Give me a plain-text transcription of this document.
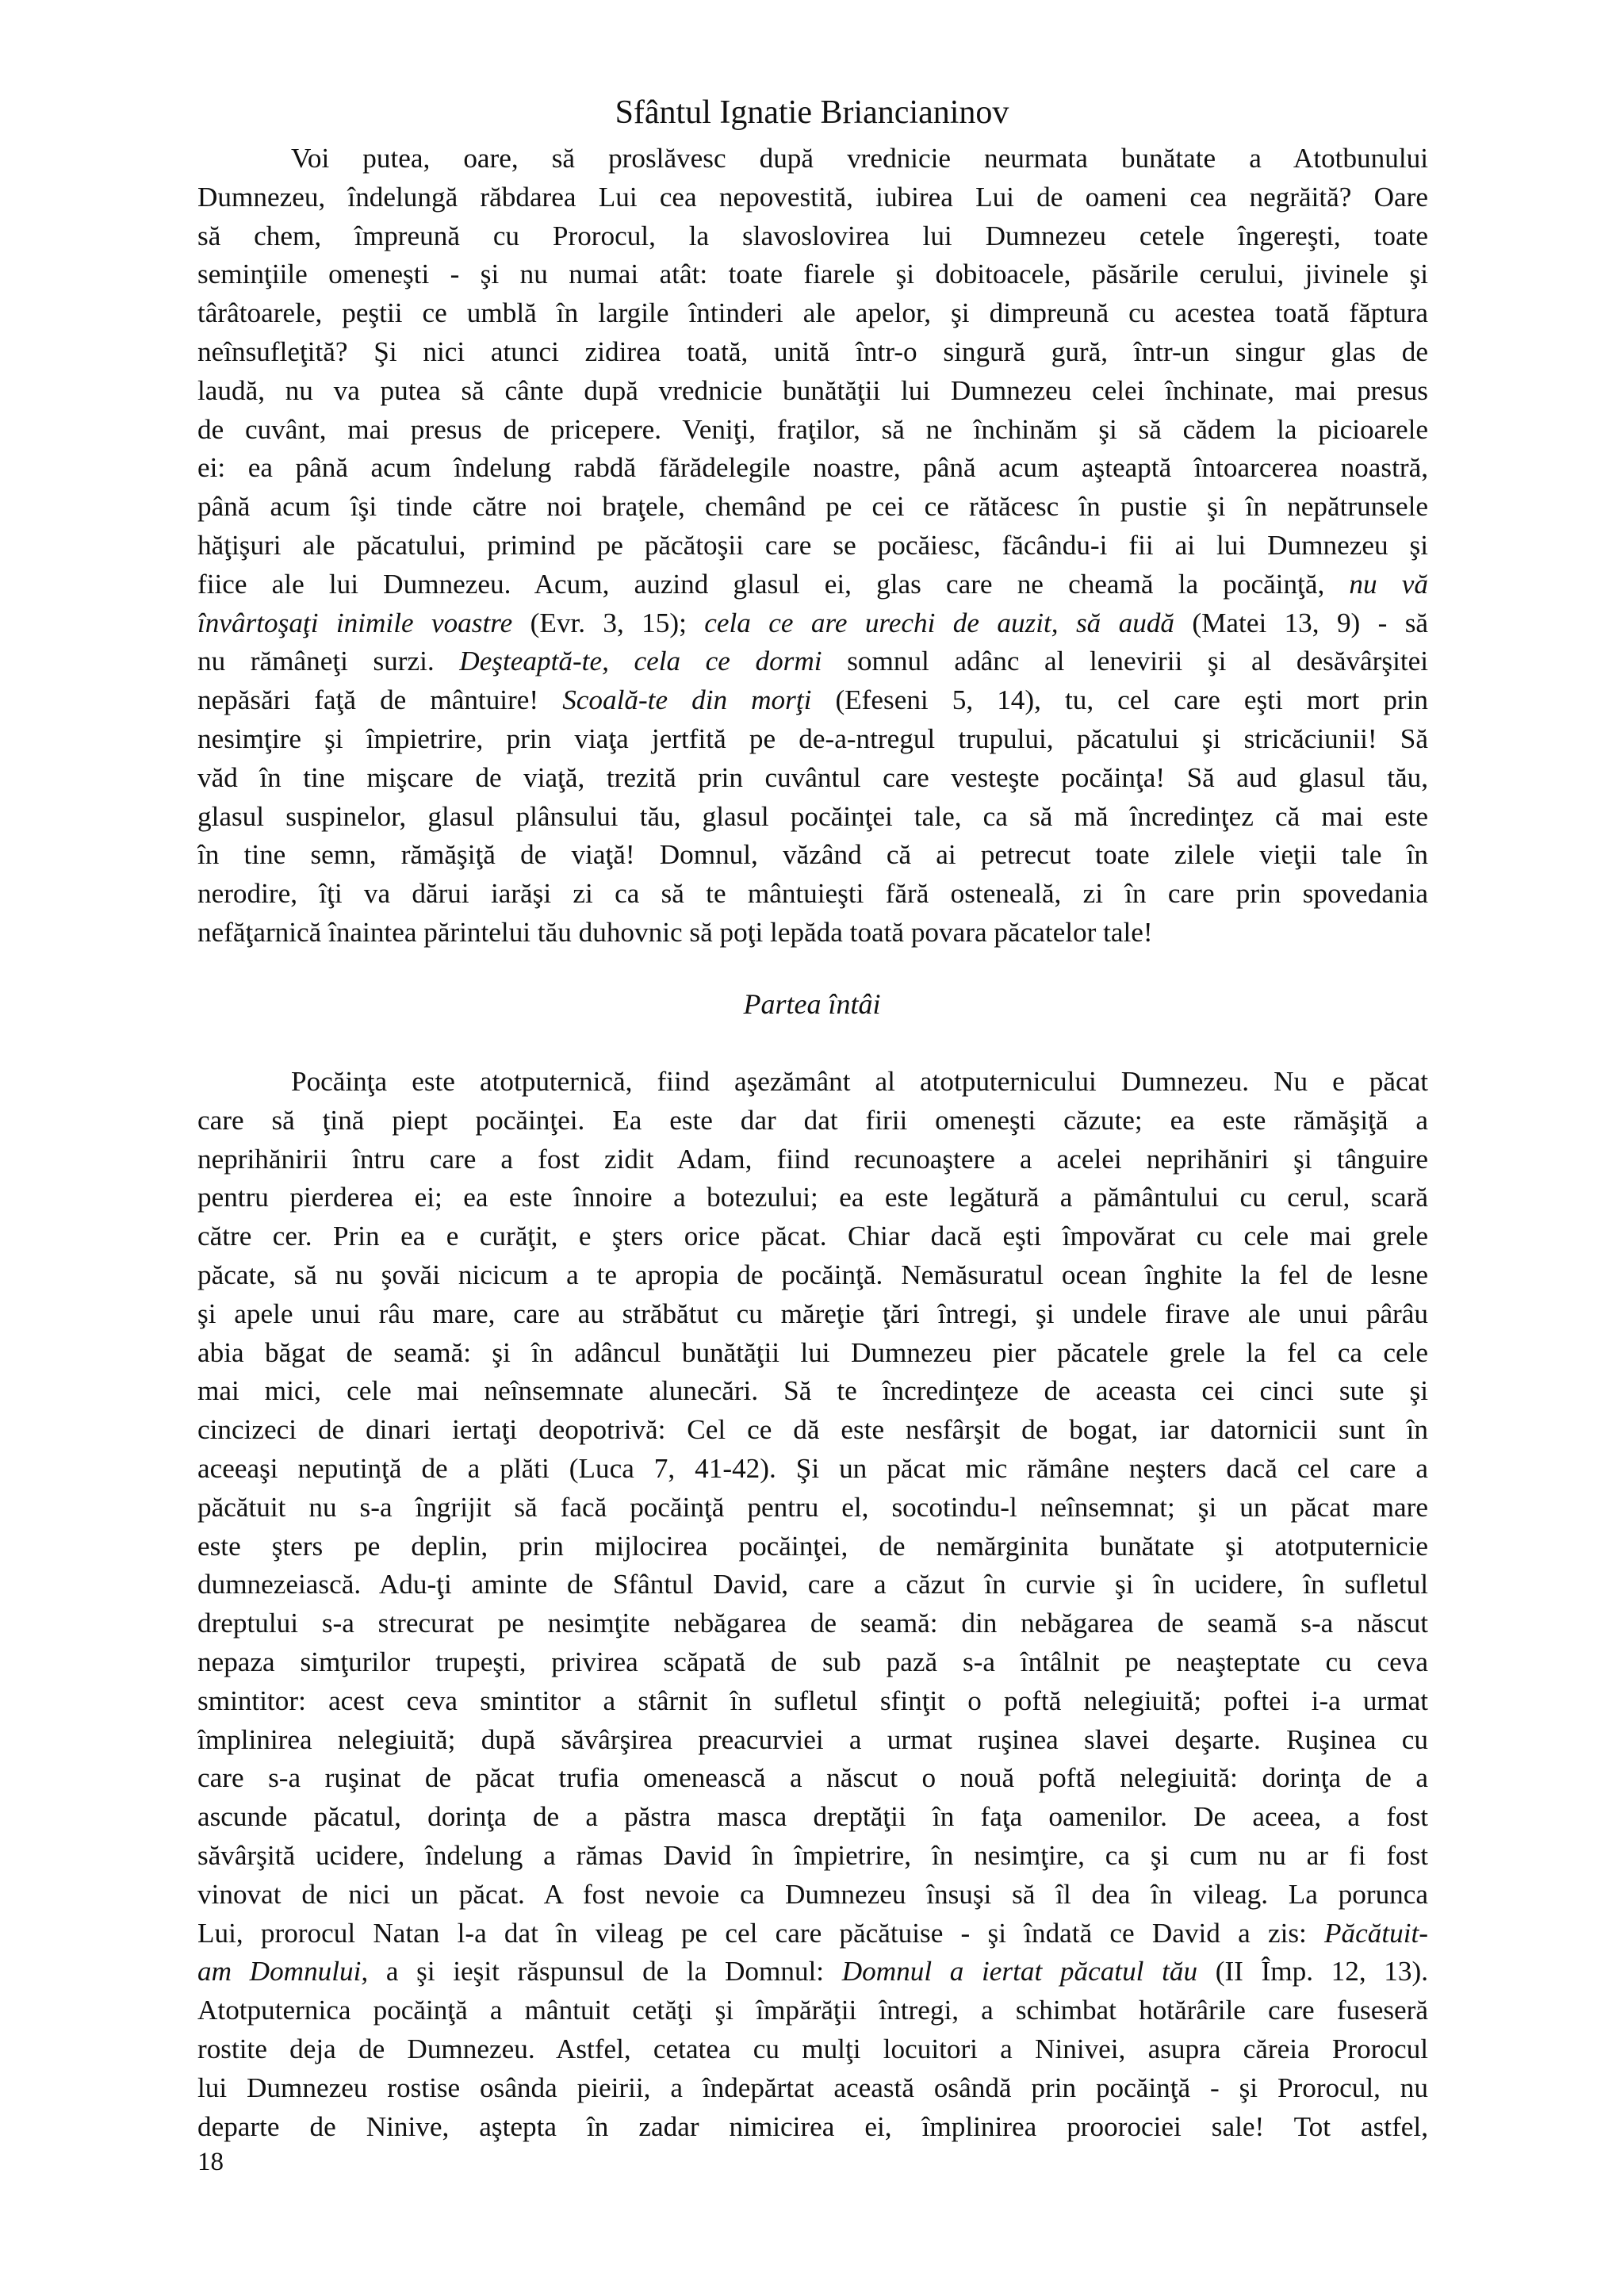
Sfântul Ignatie Briancianinov
Voi putea, oare, să proslăvesc după vrednicie neurmata bunătate a Atotbunului
Dumnezeu, îndelungă răbdarea Lui cea nepovestită, iubirea Lui de oameni cea negrăită? Oare
să chem, împreună cu Prorocul, la slavoslovirea lui Dumnezeu cetele îngereşti, toate
seminţiile omeneşti - şi nu numai atât: toate fiarele şi dobitoacele, păsările cerului, jivinele şi
târâtoarele, peştii ce umblă în largile întinderi ale apelor, şi dimpreună cu acestea toată făptura
neînsufleţită? Şi nici atunci zidirea toată, unită într-o singură gură, într-un singur glas de
laudă, nu va putea să cânte după vrednicie bunătăţii lui Dumnezeu celei închinate, mai presus
de cuvânt, mai presus de pricepere. Veniţi, fraţilor, să ne închinăm şi să cădem la picioarele
ei: ea până acum îndelung rabdă fărădelegile noastre, până acum aşteaptă întoarcerea noastră,
până acum îşi tinde către noi braţele, chemând pe cei ce rătăcesc în pustie şi în nepătrunsele
hăţişuri ale păcatului, primind pe păcătoşii care se pocăiesc, făcându-i fii ai lui Dumnezeu şi
fiice ale lui Dumnezeu. Acum, auzind glasul ei, glas care ne cheamă la pocăinţă, nu vă
învârtoşaţi inimile voastre (Evr. 3, 15); cela ce are urechi de auzit, să audă (Matei 13, 9) - să
nu rămâneţi surzi. Deşteaptă-te, cela ce dormi somnul adânc al lenevirii şi al desăvârşitei
nepăsări faţă de mântuire! Scoală-te din morţi (Efeseni 5, 14), tu, cel care eşti mort prin
nesimţire şi împietrire, prin viaţa jertfită pe de-a-ntregul trupului, păcatului şi stricăciunii! Să
văd în tine mişcare de viaţă, trezită prin cuvântul care vesteşte pocăinţa! Să aud glasul tău,
glasul suspinelor, glasul plânsului tău, glasul pocăinţei tale, ca să mă încredinţez că mai este
în tine semn, rămăşiţă de viaţă! Domnul, văzând că ai petrecut toate zilele vieţii tale în
nerodire, îţi va dărui iarăşi zi ca să te mântuieşti fără osteneală, zi în care prin spovedania
nefăţarnică înaintea părintelui tău duhovnic să poţi lepăda toată povara păcatelor tale!
Partea întâi
Pocăinţa este atotputernică, fiind aşezământ al atotputernicului Dumnezeu. Nu e păcat
care să ţină piept pocăinţei. Ea este dar dat firii omeneşti căzute; ea este rămăşiţă a
neprihănirii întru care a fost zidit Adam, fiind recunoaştere a acelei neprihăniri şi tânguire
pentru pierderea ei; ea este înnoire a botezului; ea este legătură a pământului cu cerul, scară
către cer. Prin ea e curăţit, e şters orice păcat. Chiar dacă eşti împovărat cu cele mai grele
păcate, să nu şovăi nicicum a te apropia de pocăinţă. Nemăsuratul ocean înghite la fel de lesne
şi apele unui râu mare, care au străbătut cu măreţie ţări întregi, şi undele firave ale unui pârâu
abia băgat de seamă: şi în adâncul bunătăţii lui Dumnezeu pier păcatele grele la fel ca cele
mai mici, cele mai neînsemnate alunecări. Să te încredinţeze de aceasta cei cinci sute şi
cincizeci de dinari iertaţi deopotrivă: Cel ce dă este nesfârşit de bogat, iar datornicii sunt în
aceeaşi neputinţă de a plăti (Luca 7, 41-42). Şi un păcat mic rămâne neşters dacă cel care a
păcătuit nu s-a îngrijit să facă pocăinţă pentru el, socotindu-l neînsemnat; şi un păcat mare
este şters pe deplin, prin mijlocirea pocăinţei, de nemărginita bunătate şi atotputernicie
dumnezeiască. Adu-ţi aminte de Sfântul David, care a căzut în curvie şi în ucidere, în sufletul
dreptului s-a strecurat pe nesimţite nebăgarea de seamă: din nebăgarea de seamă s-a născut
nepaza simţurilor trupeşti, privirea scăpată de sub pază s-a întâlnit pe neaşteptate cu ceva
smintitor: acest ceva smintitor a stârnit în sufletul sfinţit o poftă nelegiuită; poftei i-a urmat
împlinirea nelegiuită; după săvârşirea preacurviei a urmat ruşinea slavei deşarte. Ruşinea cu
care s-a ruşinat de păcat trufia omenească a născut o nouă poftă nelegiuită: dorinţa de a
ascunde păcatul, dorinţa de a păstra masca dreptăţii în faţa oamenilor. De aceea, a fost
săvârşită ucidere, îndelung a rămas David în împietrire, în nesimţire, ca şi cum nu ar fi fost
vinovat de nici un păcat. A fost nevoie ca Dumnezeu însuşi să îl dea în vileag. La porunca
Lui, prorocul Natan l-a dat în vileag pe cel care păcătuise - şi îndată ce David a zis: Păcătuit-
am Domnului, a şi ieşit răspunsul de la Domnul: Domnul a iertat păcatul tău (II Împ. 12, 13).
Atotputernica pocăinţă a mântuit cetăţi şi împărăţii întregi, a schimbat hotărârile care fuseseră
rostite deja de Dumnezeu. Astfel, cetatea cu mulţi locuitori a Ninivei, asupra căreia Prorocul
lui Dumnezeu rostise osânda pieirii, a îndepărtat această osândă prin pocăinţă - şi Prorocul, nu
departe de Ninive, aştepta în zadar nimicirea ei, împlinirea proorociei sale! Tot astfel,
18
